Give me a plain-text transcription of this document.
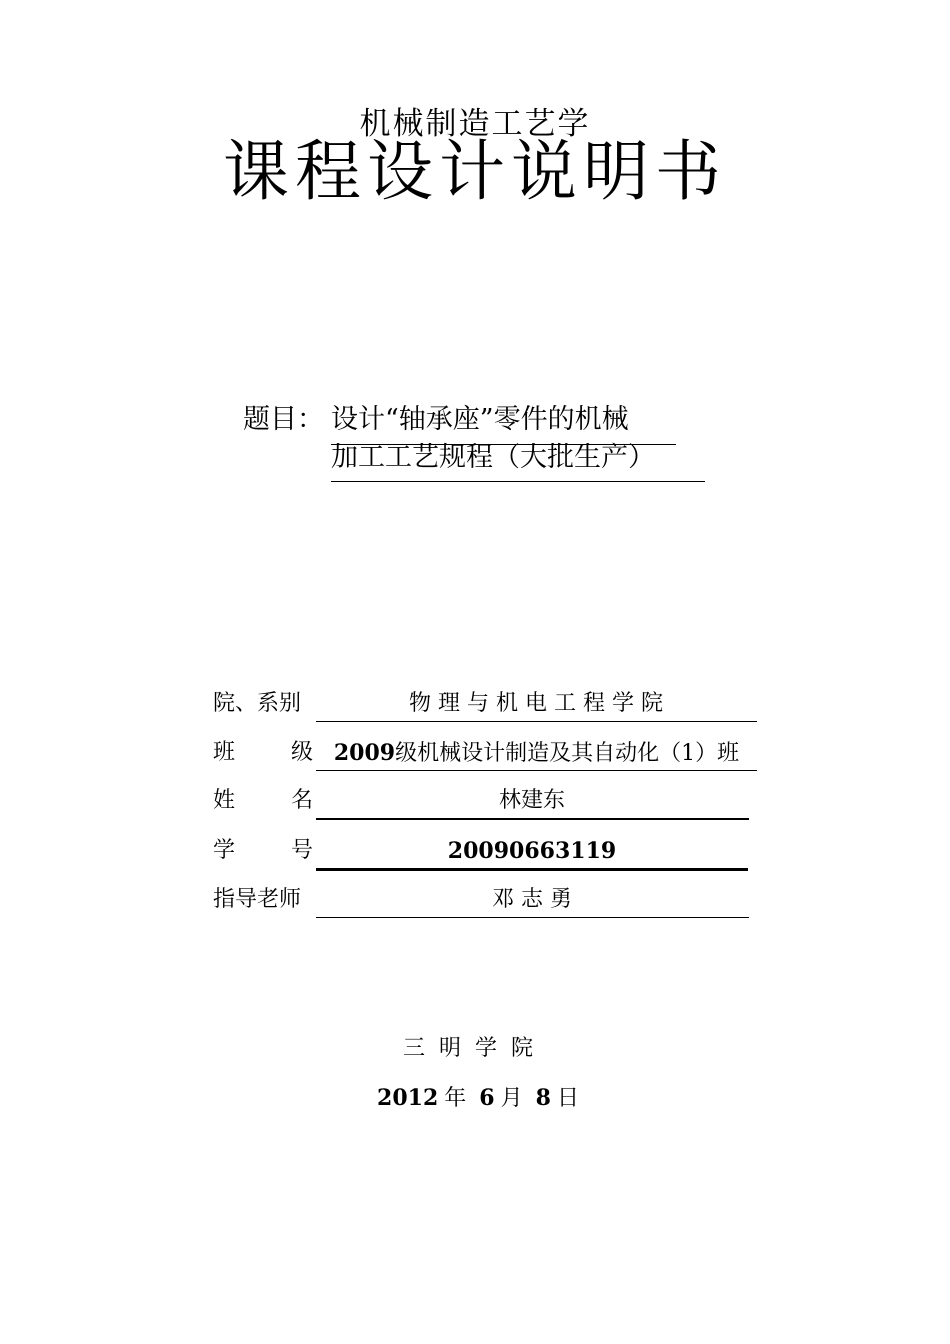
机械制造工艺学
课程设计说明书
题目： 设计“轴承座”零件的机械
加工工艺规程（大批生产）
院、系别	物 理 与 机 电 工 程 学 院
班	级 2009级机械设计制造及其自动化（1）班
姓	名	林建东
学	号	20090663119
指导老师	邓 志 勇
三明学院
2012 年 6 月 8 日
